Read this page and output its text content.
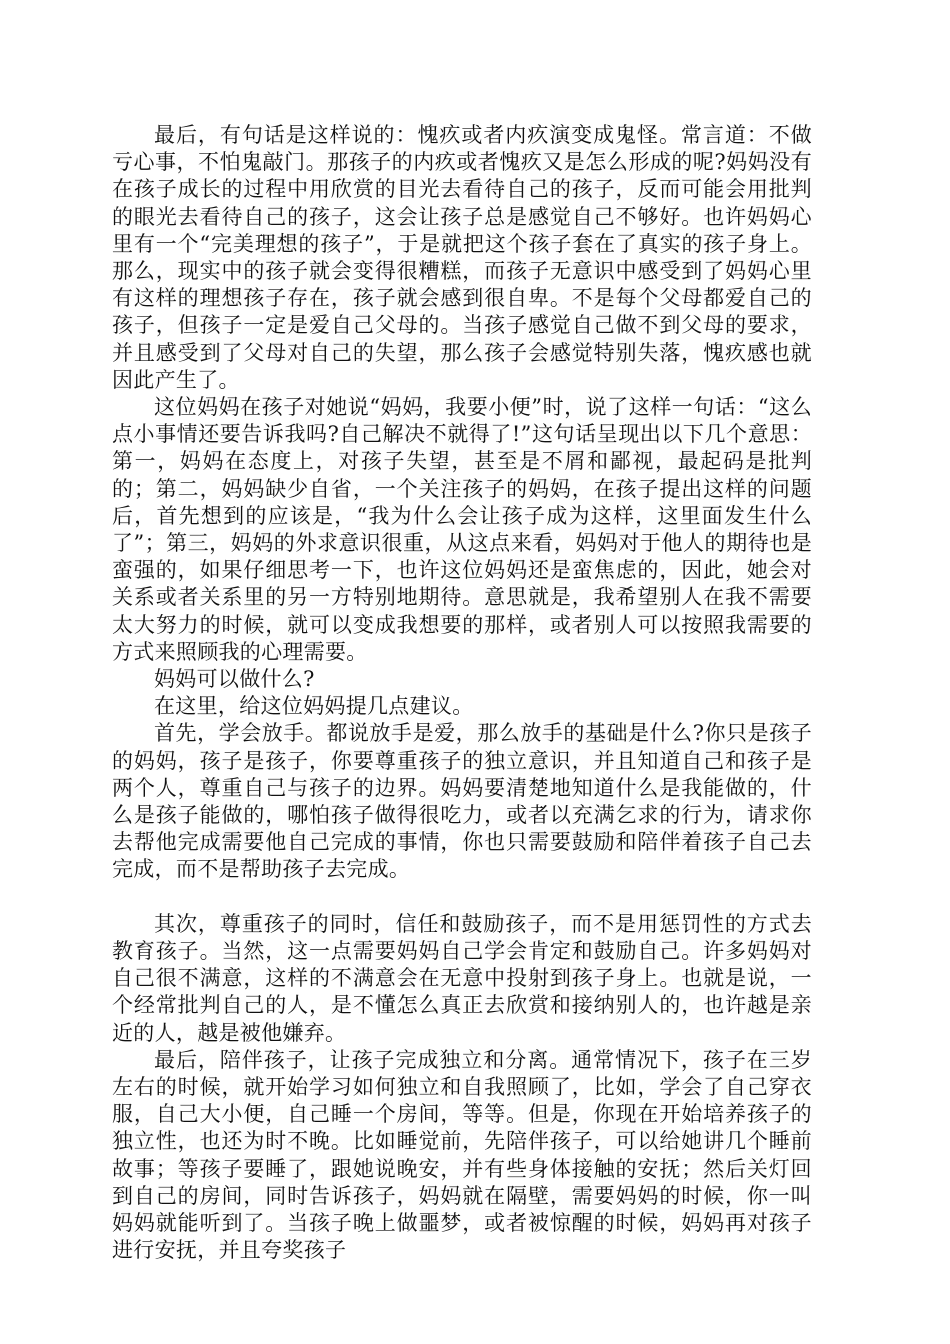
最后，有句话是这样说的：愧疚或者内疚演变成鬼怪。常言道：不做亏心事，不怕鬼敲门。那孩子的内疚或者愧疚又是怎么形成的呢?妈妈没有在孩子成长的过程中用欣赏的目光去看待自己的孩子，反而可能会用批判的眼光去看待自己的孩子，这会让孩子总是感觉自己不够好。也许妈妈心里有一个“完美理想的孩子”，于是就把这个孩子套在了真实的孩子身上。那么，现实中的孩子就会变得很糟糕，而孩子无意识中感受到了妈妈心里有这样的理想孩子存在，孩子就会感到很自卑。不是每个父母都爱自己的孩子，但孩子一定是爱自己父母的。当孩子感觉自己做不到父母的要求，并且感受到了父母对自己的失望，那么孩子会感觉特别失落，愧疚感也就因此产生了。

这位妈妈在孩子对她说“妈妈，我要小便”时，说了这样一句话：“这么点小事情还要告诉我吗?自己解决不就得了!”这句话呈现出以下几个意思：第一，妈妈在态度上，对孩子失望，甚至是不屑和鄙视，最起码是批判的；第二，妈妈缺少自省，一个关注孩子的妈妈，在孩子提出这样的问题后，首先想到的应该是，“我为什么会让孩子成为这样，这里面发生什么了”；第三，妈妈的外求意识很重，从这点来看，妈妈对于他人的期待也是蛮强的，如果仔细思考一下，也许这位妈妈还是蛮焦虑的，因此，她会对关系或者关系里的另一方特别地期待。意思就是，我希望别人在我不需要太大努力的时候，就可以变成我想要的那样，或者别人可以按照我需要的方式来照顾我的心理需要。

妈妈可以做什么?

在这里，给这位妈妈提几点建议。

首先，学会放手。都说放手是爱，那么放手的基础是什么?你只是孩子的妈妈，孩子是孩子，你要尊重孩子的独立意识，并且知道自己和孩子是两个人，尊重自己与孩子的边界。妈妈要清楚地知道什么是我能做的，什么是孩子能做的，哪怕孩子做得很吃力，或者以充满乞求的行为，请求你去帮他完成需要他自己完成的事情，你也只需要鼓励和陪伴着孩子自己去完成，而不是帮助孩子去完成。

其次，尊重孩子的同时，信任和鼓励孩子，而不是用惩罚性的方式去教育孩子。当然，这一点需要妈妈自己学会肯定和鼓励自己。许多妈妈对自己很不满意，这样的不满意会在无意中投射到孩子身上。也就是说，一个经常批判自己的人，是不懂怎么真正去欣赏和接纳别人的，也许越是亲近的人，越是被他嫌弃。

最后，陪伴孩子，让孩子完成独立和分离。通常情况下，孩子在三岁左右的时候，就开始学习如何独立和自我照顾了，比如，学会了自己穿衣服，自己大小便，自己睡一个房间，等等。但是，你现在开始培养孩子的独立性，也还为时不晚。比如睡觉前，先陪伴孩子，可以给她讲几个睡前故事；等孩子要睡了，跟她说晚安，并有些身体接触的安抚；然后关灯回到自己的房间，同时告诉孩子，妈妈就在隔壁，需要妈妈的时候，你一叫妈妈就能听到了。当孩子晚上做噩梦，或者被惊醒的时候，妈妈再对孩子进行安抚，并且夸奖孩子
